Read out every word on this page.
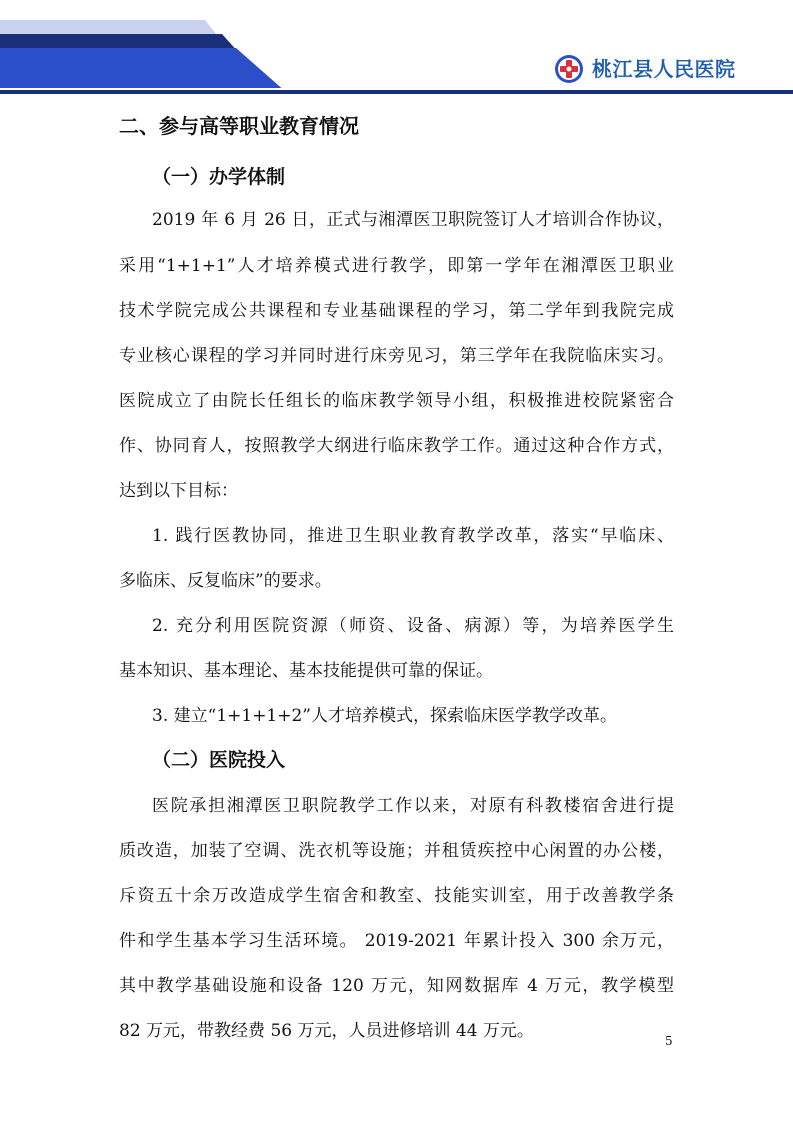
桃江县人民医院
二、参与高等职业教育情况
（一）办学体制
2019 年 6 月 26 日，正式与湘潭医卫职院签订人才培训合作协议，
采用“1+1+1”人才培养模式进行教学，即第一学年在湘潭医卫职业
技术学院完成公共课程和专业基础课程的学习，第二学年到我院完成
专业核心课程的学习并同时进行床旁见习，第三学年在我院临床实习。
医院成立了由院长任组长的临床教学领导小组，积极推进校院紧密合
作、协同育人，按照教学大纲进行临床教学工作。通过这种合作方式，
达到以下目标：
1. 践行医教协同，推进卫生职业教育教学改革，落实“早临床、
多临床、反复临床”的要求。
2. 充分利用医院资源（师资、设备、病源）等，为培养医学生
基本知识、基本理论、基本技能提供可靠的保证。
3. 建立“1+1+1+2”人才培养模式，探索临床医学教学改革。
（二）医院投入
医院承担湘潭医卫职院教学工作以来，对原有科教楼宿舍进行提
质改造，加装了空调、洗衣机等设施；并租赁疾控中心闲置的办公楼，
斥资五十余万改造成学生宿舍和教室、技能实训室，用于改善教学条
件和学生基本学习生活环境。 2019-2021 年累计投入 300 余万元，
其中教学基础设施和设备 120 万元，知网数据库 4 万元，教学模型
82 万元，带教经费 56 万元，人员进修培训 44 万元。	5
